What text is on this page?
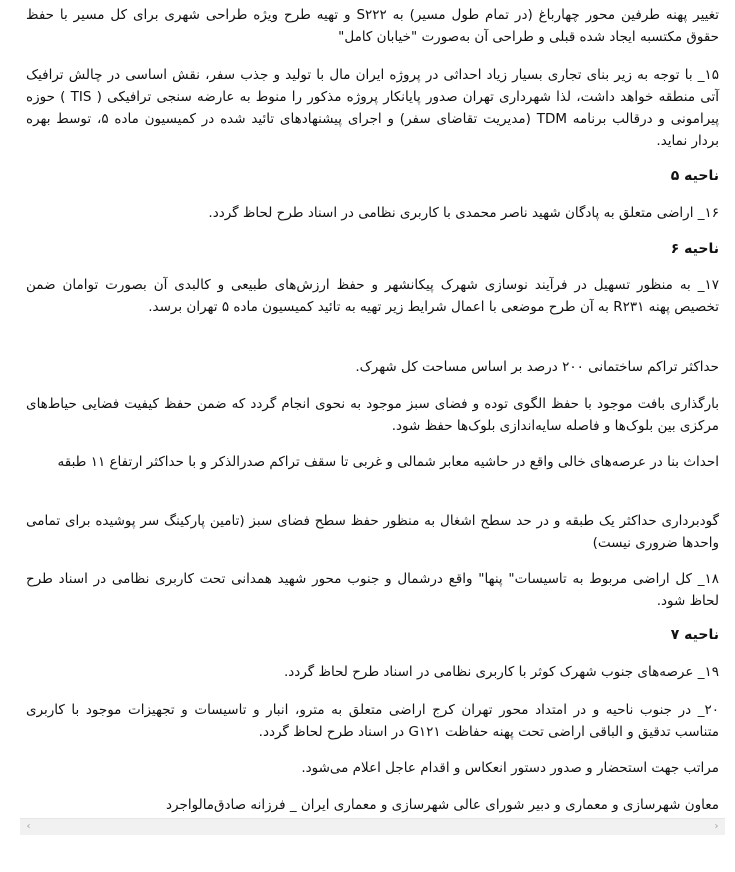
تغییر پهنه طرفین محور چهارباغ (در تمام طول مسیر) به S۲۲۲ و تهیه طرح ویژه طراحی شهری برای کل مسیر با حفظ حقوق مکتسبه ایجاد شده قبلی و طراحی آن به‌صورت "خیابان کامل"

۱۵_ با توجه به زیر بنای تجاری بسیار زیاد احداثی در پروژه ایران مال با تولید و جذب سفر، نقش اساسی در چالش ترافیک آتی منطقه خواهد داشت، لذا شهرداری تهران صدور پایانکار پروژه مذکور را منوط به عارضه سنجی ترافیکی ( TIS ) حوزه پیرامونی و درقالب برنامه TDM (مدیریت تقاضای سفر) و اجرای پیشنهادهای تائید شده در کمیسیون ماده ۵، توسط بهره بردار نماید.

ناحیه ۵

۱۶_ اراضی متعلق به پادگان شهید ناصر محمدی با کاربری نظامی در اسناد طرح لحاظ گردد.

ناحیه ۶

۱۷_ به منظور تسهیل در فرآیند نوسازی شهرک پیکانشهر و حفظ ارزش‌های طبیعی و کالبدی آن بصورت توامان ضمن تخصیص پهنه R۲۳۱ به آن طرح موضعی با اعمال شرایط زیر تهیه به تائید کمیسیون ماده ۵ تهران برسد.

حداکثر تراکم ساختمانی ۲۰۰ درصد بر اساس مساحت کل شهرک.

بارگذاری بافت موجود با حفظ الگوی توده و فضای سبز موجود به نحوی انجام گردد که ضمن حفظ کیفیت فضایی حیاط‌های مرکزی بین بلوک‌ها و فاصله سایه‌اندازی بلوک‌ها حفظ شود.

احداث بنا در عرصه‌های خالی واقع در حاشیه معابر شمالی و غربی تا سقف تراکم صدرالذکر و با حداکثر ارتفاع ۱۱ طبقه

گودبرداری حداکثر یک طبقه و در حد سطح اشغال به منظور حفظ سطح فضای سبز (تامین پارکینگ سر پوشیده برای تمامی واحدها ضروری نیست)

۱۸_ کل اراضی مربوط به تاسیسات" پنها" واقع درشمال و جنوب محور شهید همدانی تحت کاربری نظامی در اسناد طرح لحاظ شود.

ناحیه ۷

۱۹_ عرصه‌های جنوب شهرک کوثر با کاربری نظامی در اسناد طرح لحاظ گردد.

۲۰_ در جنوب ناحیه و در امتداد محور تهران کرج اراضی متعلق به مترو، انبار و تاسیسات و تجهیزات موجود با کاربری متناسب تدقیق و الباقی اراضی تحت پهنه حفاظت G۱۲۱ در اسناد طرح لحاظ گردد.

مراتب جهت استحضار و صدور دستور انعکاس و اقدام عاجل اعلام می‌شود.

معاون شهرسازی و معماری و دبیر شورای عالی شهرسازی و معماری ایران _ فرزانه صادق‌مالواجرد

‹	›
